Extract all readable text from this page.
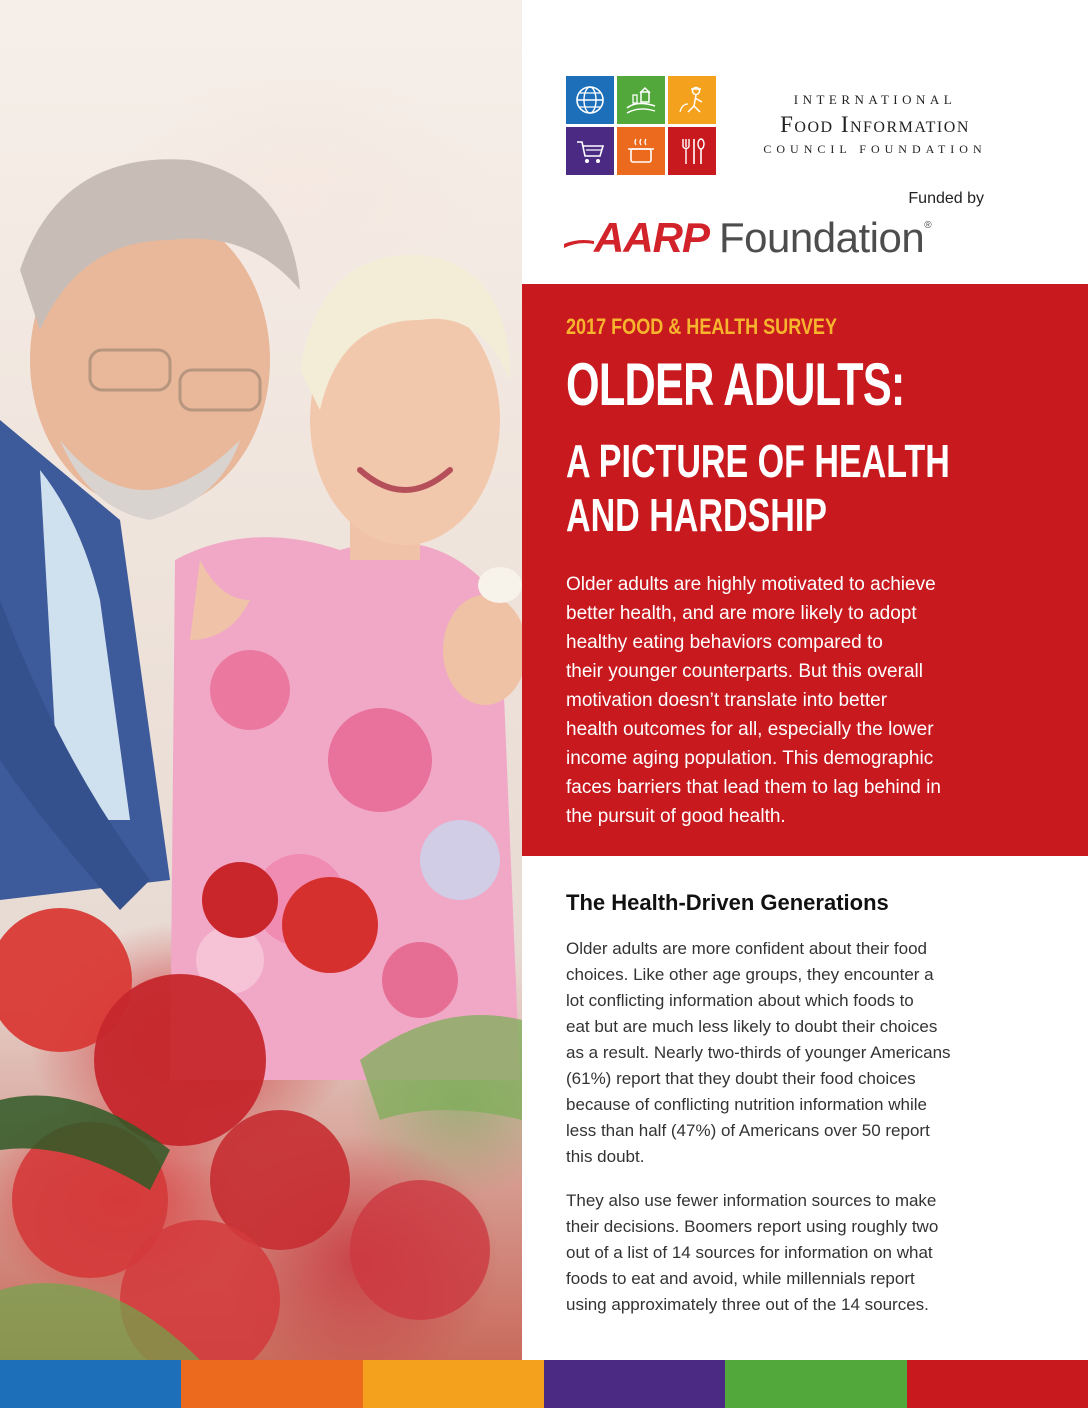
INTERNATIONAL
Food Information
COUNCIL FOUNDATION
Funded by
AARP Foundation ®
2017 FOOD & HEALTH SURVEY
OLDER ADULTS:
A PICTURE OF HEALTH
AND HARDSHIP
Older adults are highly motivated to achieve
better health, and are more likely to adopt
healthy eating behaviors compared to
their younger counterparts. But this overall
motivation doesn’t translate into better
health outcomes for all, especially the lower
income aging population. This demographic
faces barriers that lead them to lag behind in
the pursuit of good health.
The Health-Driven Generations
Older adults are more confident about their food
choices. Like other age groups, they encounter a
lot conflicting information about which foods to
eat but are much less likely to doubt their choices
as a result. Nearly two-thirds of younger Americans
(61%) report that they doubt their food choices
because of conflicting nutrition information while
less than half (47%) of Americans over 50 report
this doubt.
They also use fewer information sources to make
their decisions. Boomers report using roughly two
out of a list of 14 sources for information on what
foods to eat and avoid, while millennials report
using approximately three out of the 14 sources.
